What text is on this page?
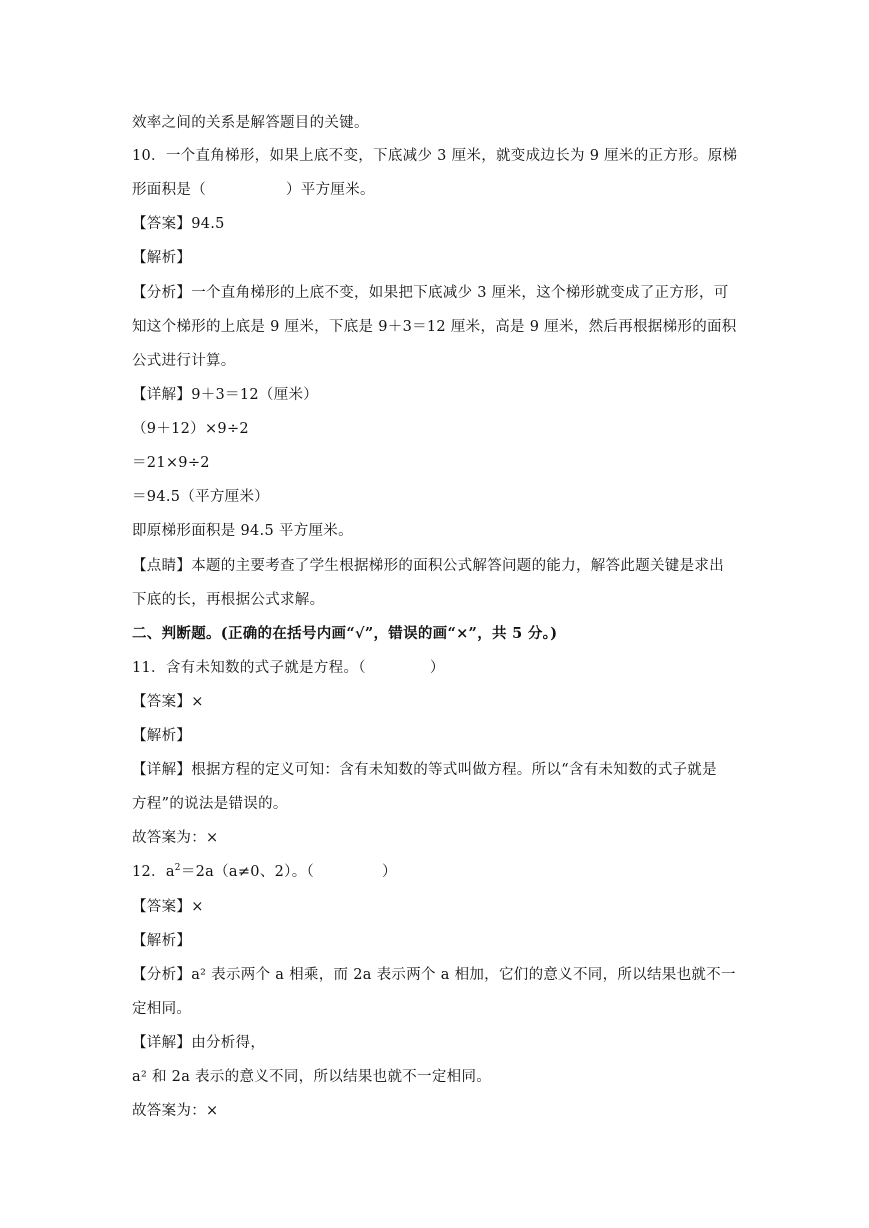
效率之间的关系是解答题目的关键。
10．一个直角梯形，如果上底不变，下底减少 3 厘米，就变成边长为 9 厘米的正方形。原梯
形面积是（	）平方厘米。
【答案】94.5
【解析】
【分析】一个直角梯形的上底不变，如果把下底减少 3 厘米，这个梯形就变成了正方形，可
知这个梯形的上底是 9 厘米，下底是 9＋3＝12 厘米，高是 9 厘米，然后再根据梯形的面积
公式进行计算。
【详解】9＋3＝12（厘米）
（9＋12）×9÷2
＝21×9÷2
＝94.5（平方厘米）
即原梯形面积是 94.5 平方厘米。
【点睛】本题的主要考查了学生根据梯形的面积公式解答问题的能力，解答此题关键是求出
下底的长，再根据公式求解。
二、判断题。(正确的在括号内画“√”，错误的画“×”，共 5 分。)
11．含有未知数的式子就是方程。（	）
【答案】×
【解析】
【详解】根据方程的定义可知：含有未知数的等式叫做方程。所以“含有未知数的式子就是
方程”的说法是错误的。
故答案为：×
12．$a^2=2a(a\ne 0$、2）。（	）
【答案】×
【解析】
【分析】a² 表示两个 a 相乘，而 2a 表示两个 a 相加，它们的意义不同，所以结果也就不一
定相同。
【详解】由分析得，
a² 和 2a 表示的意义不同，所以结果也就不一定相同。
故答案为：×
